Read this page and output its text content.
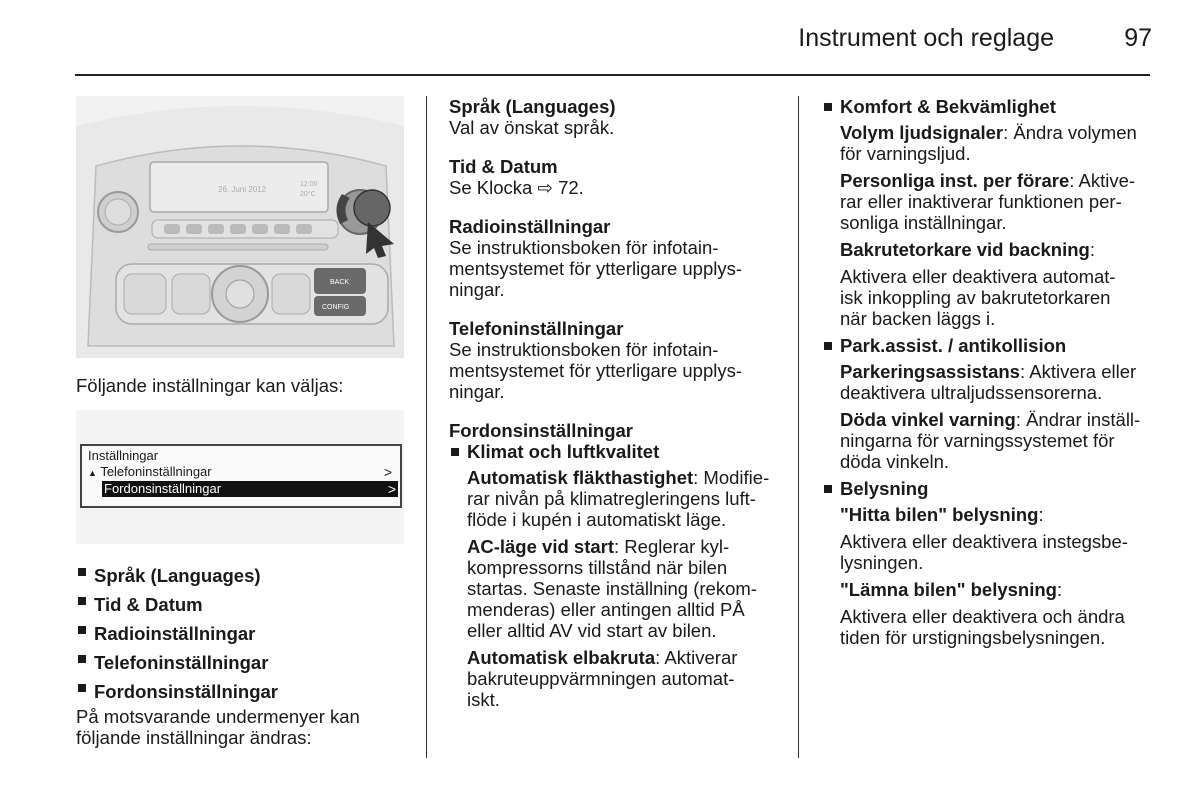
Instrument och reglage	97
26. Juni 2012
12:00
20°C
BACK
CONFIG

Följande inställningar kan väljas:

Inställningar
▲ Telefoninställningar	>
Fordonsinställningar	>
Språk (Languages)
Tid & Datum
Radioinställningar
Telefoninställningar
Fordonsinställningar

På motsvarande undermenyer kan

följande inställningar ändras:

Språk (Languages)

Val av önskat språk.

Tid & Datum

Se Klocka ⇨ 72.

Radioinställningar

Se instruktionsboken för infotain-

mentsystemet för ytterligare upplys-

ningar.

Telefoninställningar

Se instruktionsboken för infotain-

mentsystemet för ytterligare upplys-

ningar.

Fordonsinställningar

Klimat och luftkvalitet

Automatisk fläkthastighet: Modifie-

rar nivån på klimatregleringens luft-

flöde i kupén i automatiskt läge.

AC-läge vid start: Reglerar kyl-

kompressorns tillstånd när bilen

startas. Senaste inställning (rekom-

menderas) eller antingen alltid PÅ

eller alltid AV vid start av bilen.

Automatisk elbakruta: Aktiverar

bakruteuppvärmningen automat-

iskt.

Komfort & Bekvämlighet

Volym ljudsignaler: Ändra volymen

för varningsljud.

Personliga inst. per förare: Aktive-

rar eller inaktiverar funktionen per-

sonliga inställningar.

Bakrutetorkare vid backning:

Aktivera eller deaktivera automat-

isk inkoppling av bakrutetorkaren

när backen läggs i.

Park.assist. / antikollision

Parkeringsassistans: Aktivera eller

deaktivera ultraljudssensorerna.

Döda vinkel varning: Ändrar inställ-

ningarna för varningssystemet för

döda vinkeln.

Belysning

"Hitta bilen" belysning:

Aktivera eller deaktivera instegsbe-

lysningen.

"Lämna bilen" belysning:

Aktivera eller deaktivera och ändra

tiden för urstigningsbelysningen.
